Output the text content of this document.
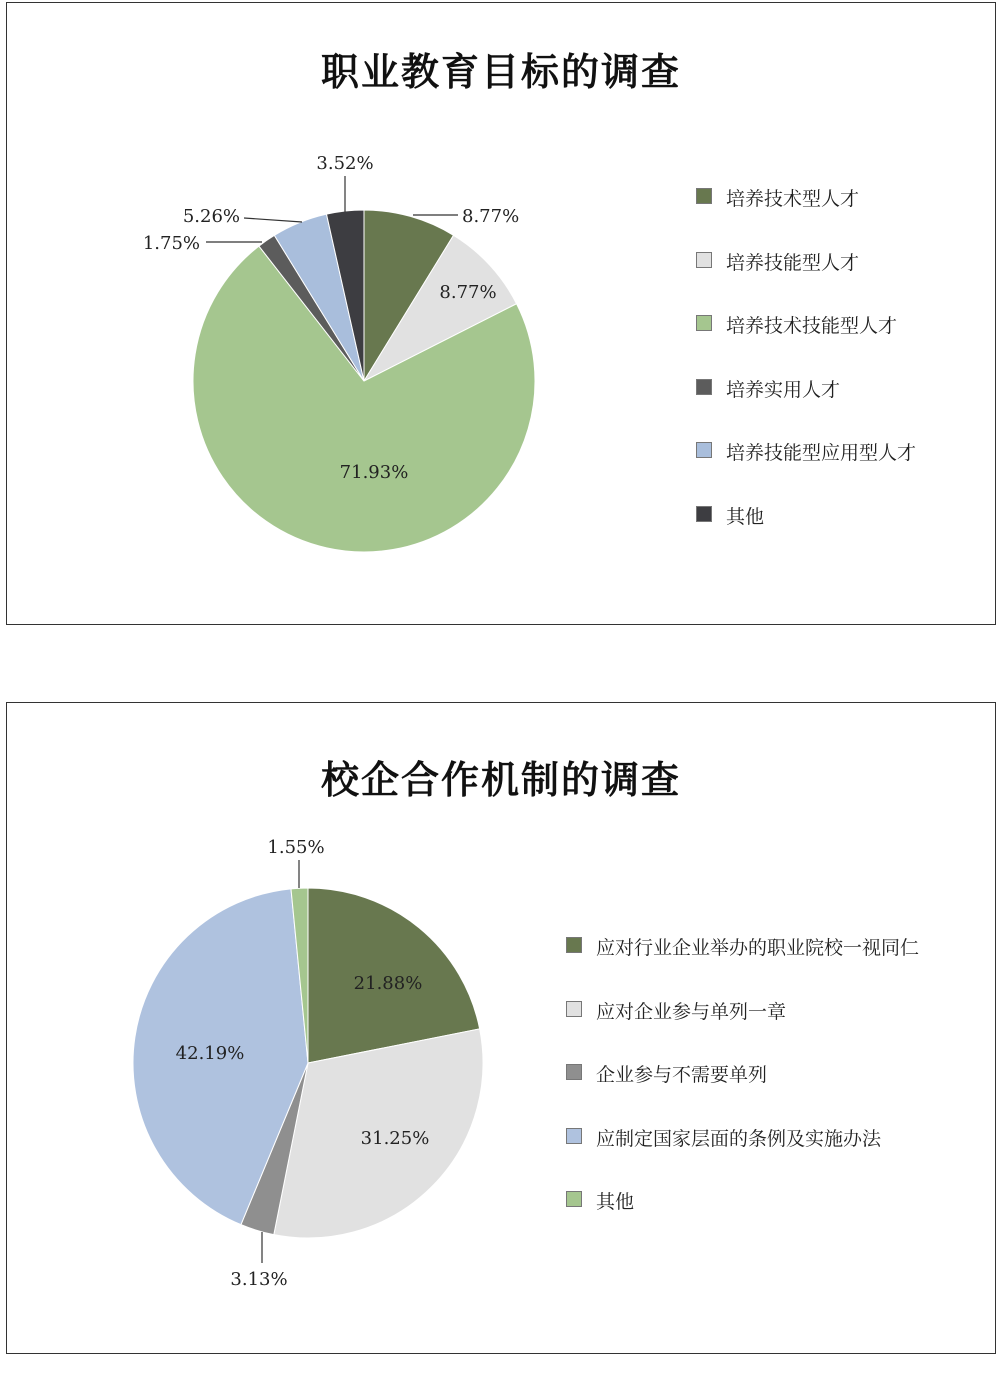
职业教育目标的调查
校企合作机制的调查
8.77%
8.77%
71.93%
1.75%
5.26%
3.52%
21.88%
31.25%
3.13%
42.19%
1.55%
培养技术型人才
培养技能型人才
培养技术技能型人才
培养实用人才
培养技能型应用型人才
其他
应对行业企业举办的职业院校一视同仁
应对企业参与单列一章
企业参与不需要单列
应制定国家层面的条例及实施办法
其他
